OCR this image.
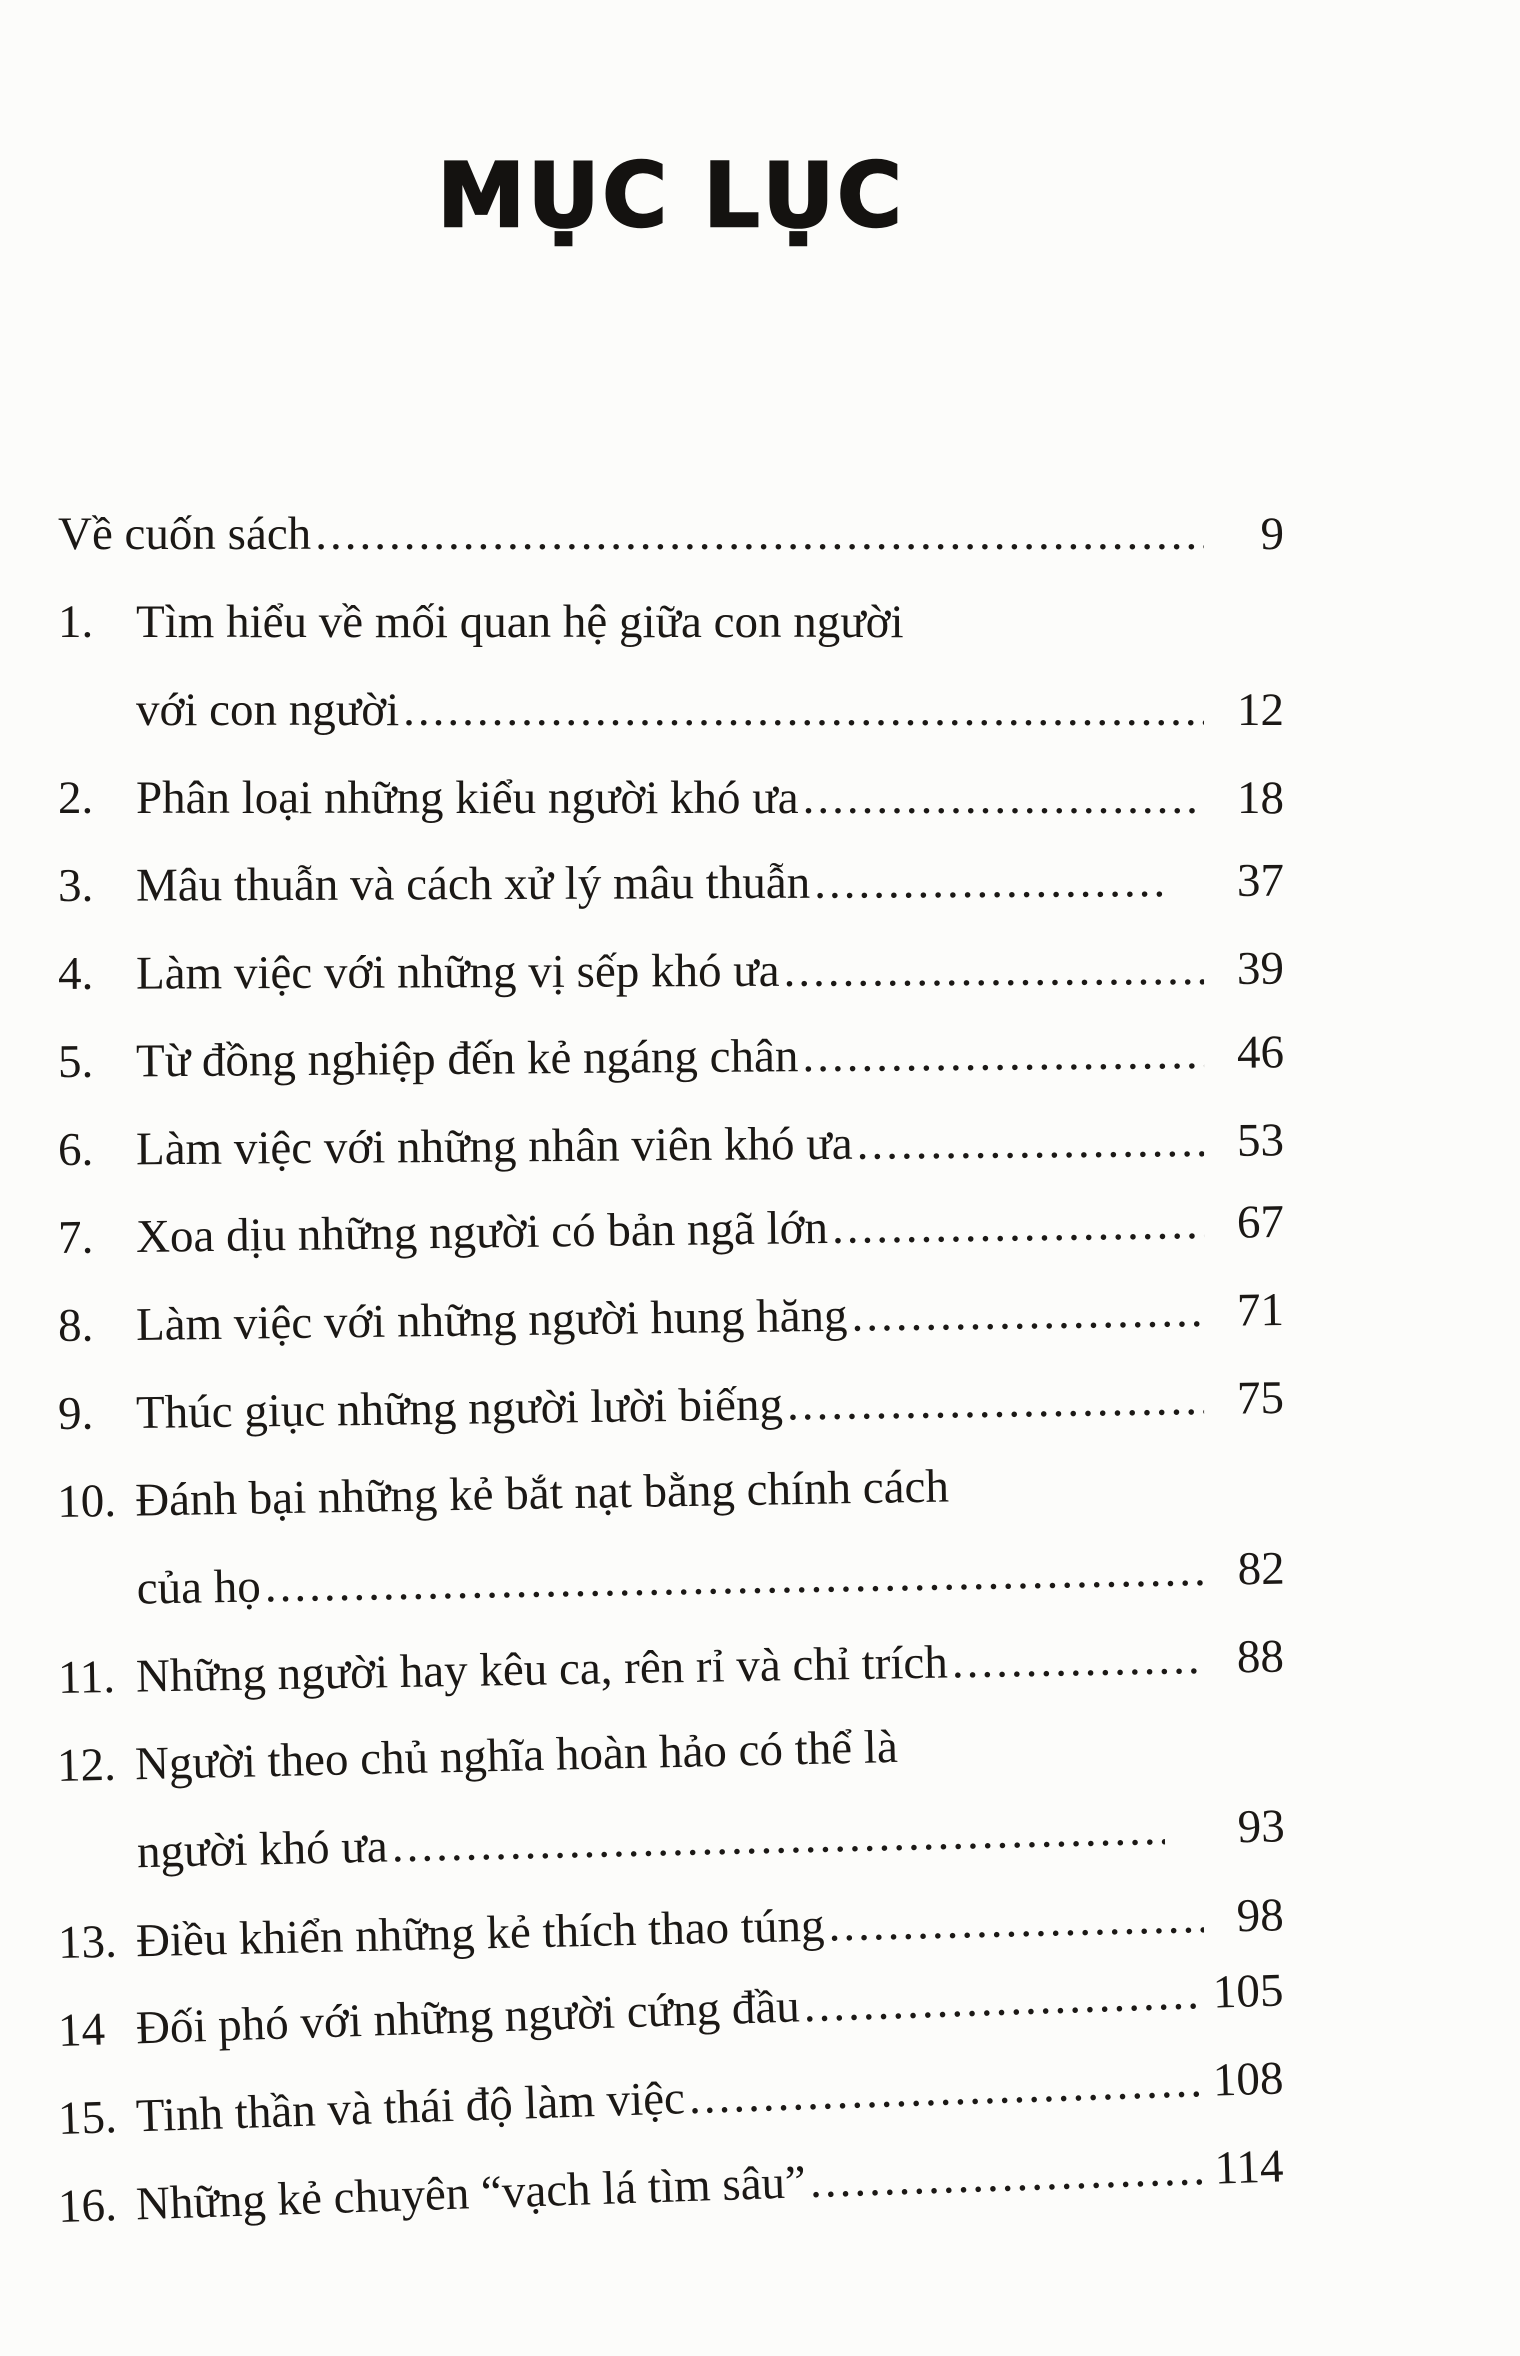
MỤC LỤC
Về cuốn sách .....	9
1. Tìm hiểu về mối quan hệ giữa con người
với con người .....	12
2. Phân loại những kiểu người khó ưa .....	18
3. Mâu thuẫn và cách xử lý mâu thuẫn .....	37
4. Làm việc với những vị sếp khó ưa .....	39
5. Từ đồng nghiệp đến kẻ ngáng chân .....	46
6. Làm việc với những nhân viên khó ưa .....	53
7. Xoa dịu những người có bản ngã lớn .....	67
8. Làm việc với những người hung hăng .....	71
9. Thúc giục những người lười biếng .....	75
10. Đánh bại những kẻ bắt nạt bằng chính cách
của họ .....	82
11. Những người hay kêu ca, rên rỉ và chỉ trích .....	88
12. Người theo chủ nghĩa hoàn hảo có thể là
người khó ưa .....	93
13. Điều khiển những kẻ thích thao túng .....	98
14 Đối phó với những người cứng đầu .....	105
15. Tinh thần và thái độ làm việc .....	108
16. Những kẻ chuyên “vạch lá tìm sâu” .....	114
